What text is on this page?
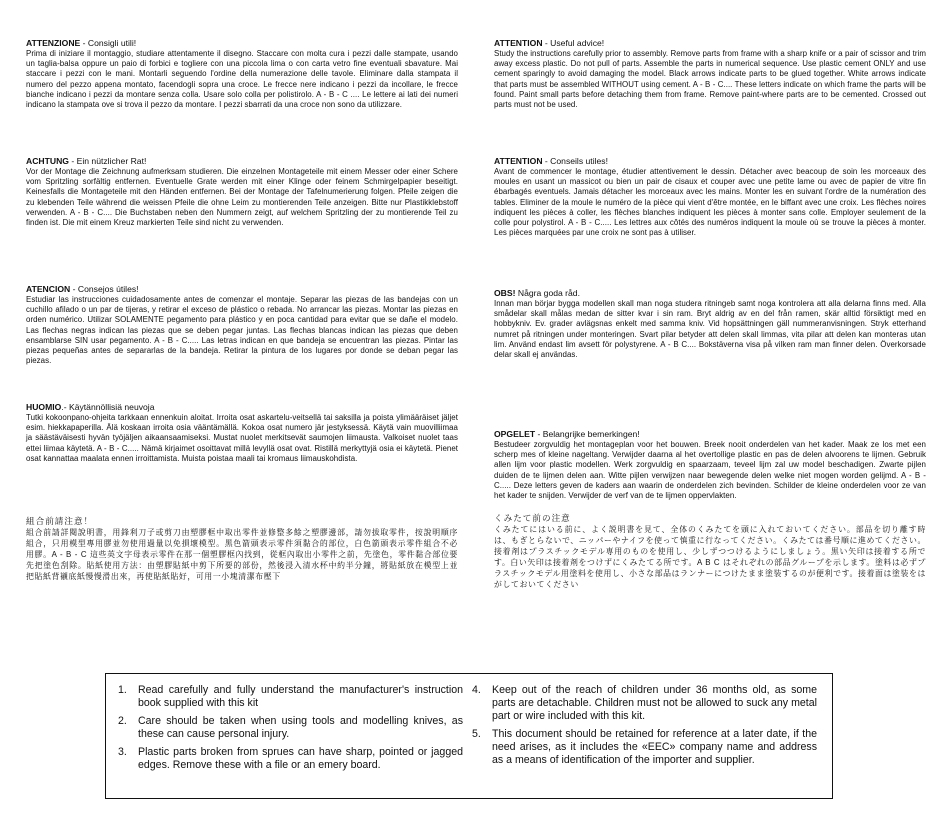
ATTENZIONE - Consigli utili!

Prima di iniziare il montaggio, studiare attentamente il disegno. Staccare con molta cura i pezzi dalle stampate, usando un taglia-balsa oppure un paio di forbici e togliere con una piccola lima o con carta vetro fine eventuali sbavature. Mai staccare i pezzi con le mani. Montarli seguendo l'ordine della numerazione delle tavole. Eliminare dalla stampata il numero del pezzo appena montato, facendogli sopra una croce. Le frecce nere indicano i pezzi da incollare, le frecce bianche indicano i pezzi da montare senza colla. Usare solo colla per polistirolo. A - B - C .... Le lettere ai lati dei numeri indicano la stampata ove si trova il pezzo da montare. I pezzi sbarrati da una croce non sono da utilizzare.

ACHTUNG - Ein nützlicher Rat!

Vor der Montage die Zeichnung aufmerksam studieren. Die einzelnen Montageteile mit einem Messer oder einer Schere vom Spritzling sorfältig entfernen. Eventuelle Grate werden mit einer Klinge oder feinem Schmirgelpapier beseitigt. Keinesfalls die Montageteile mit den Händen entfernen. Bei der Montage der Tafelnumerierung folgen. Pfeile zeigen die zu klebenden Teile während die weissen Pfeile die ohne Leim zu montierenden Teile anzeigen. Bitte nur Plastikklebstoff verwenden. A - B - C.... Die Buchstaben neben den Nummern zeigt, auf welchem Spritzling der zu montierende Teil zu finden ist. Die mit einem Kreuz markierten Teile sind nicht zu verwenden.

ATENCION - Consejos útiles!

Estudiar las instrucciones cuidadosamente antes de comenzar el montaje. Separar las piezas de las bandejas con un cuchillo afilado o un par de tijeras, y retirar el exceso de plástico o rebada. No arrancar las piezas. Montar las piezas en orden numérico. Utilizar SOLAMENTE pegamento para plástico y en poca cantidad para evitar que se dañe el modelo. Las flechas negras indican las piezas que se deben pegar juntas. Las flechas blancas indican las piezas que deben ensamblarse SIN usar pegamento. A - B - C..... Las letras indican en que bandeja se encuentran las piezas. Pintar las piezas pequeñas antes de separarlas de la bandeja. Retirar la pintura de los lugares por donde se deban pegar las piezas.

HUOMIO.- Käytännöllisiä neuvoja

Tutki kokoonpano-ohjeita tarkkaan ennenkuin aloitat. Irroita osat askartelu-veitsellä tai saksilla ja poista ylimääräiset jäljet esim. hiekkapaperilla. Älä koskaan irroita osia vääntämällä. Kokoa osat numero jär jestyksessä. Käytä vain muovilliimaa ja säästäväisesti hyvän työjäljen aikaansaamiseksi. Mustat nuolet merkitsevät saumojen liimausta. Valkoiset nuolet taas ettei liimaa käytetä. A - B - C..... Nämä kirjaimet osoittavat millä levyllä osat ovat. Ristillä merkyttyjä osia ei käytetä. Pienet osat kannattaa maalata ennen irroittamista. Muista poistaa maali tai kromaus liimauskohdista.

組合前請注意！

組合前請詳閱說明書，用鋒利刀子或剪刀由塑膠框中取出零件並修整多餘之塑膠邊部，請勿拔取零件，按說明順序組合，只用模型專用膠並勿使用過量以免損壞模型。黑色箭頭表示零件須黏合的部位，白色箭頭表示零件組合不必用膠。A - B - C 這些英文字母表示零件在那一個塑膠框內找到，從框內取出小零件之前，先塗色，零件黏合部位要先把塗色刮除。貼紙使用方法：由塑膠貼紙中剪下所要的部份，然後浸入清水杯中約半分鐘，將貼紙放在模型上並把貼紙背襯底紙慢慢滑出來，再使貼紙貼好，可用一小塊清潔布壓下

ATTENTION - Useful advice!

Study the instructions carefully prior to assembly. Remove parts from frame with a sharp knife or a pair of scissor and trim away excess plastic. Do not pull of parts. Assemble the parts in numerical sequence. Use plastic cement ONLY and use cement sparingly to avoid damaging the model. Black arrows indicate parts to be glued together. White arrows indicate that parts must be assembled WITHOUT using cement. A - B - C.... These letters indicate on which frame the parts will be found. Paint small parts before detaching them from frame. Remove paint-where parts are to be cemented. Crossed out parts must not be used.

ATTENTION - Conseils utiles!

Avant de commencer le montage, étudier attentivement le dessin. Détacher avec beacoup de soin les morceaux des moules en usant un massicot ou bien un pair de cisaux et couper avec une petite lame ou avec de papier de vitre fin ébarbagés eventuels. Jamais détacher les morceaux avec les mains. Monter les en suivant l'ordre de la numération des tables. Eliminer de la moule le numéro de la pièce qui vient d'être montée, en le biffant avec une croix. Les flèches noires indiquent les pièces à coller, les flèches blanches indiquent les pièces à monter sans colle. Employer seulement de la colle pour polystirol. A - B - C..... Les lettres aux côtés des numéros indiquent la moule où se trouve la pièces à monter. Les pièces marquées par une croix ne sont pas à utiliser.

OBS! Några goda råd.

Innan man börjar bygga modellen skall man noga studera ritningeb samt noga kontrolera att alla delarna finns med. Alla smådelar skall målas medan de sitter kvar i sin ram. Bryt aldrig av en del från ramen, skär alltid försiktigt med en hobbykniv. Ev. grader avlägsnas enkelt med samma kniv. Vid hopsättningen gäll nummeranvisningen. Stryk etterhand numret på ritningen under monteringen. Svart pilar betyder att delen skall limmas, vita pilar att delen kan monteras utan lim. Använd endast lim avsett för polystyrene. A - B C.... Bokstäverna visa på vilken ram man finner delen. Överkorsade delar skall ej användas.

OPGELET - Belangrijke bemerkingen!

Bestudeer zorgvuldig het montageplan voor het bouwen. Breek nooit onderdelen van het kader. Maak ze los met een scherp mes of kleine nageltang. Verwijder daarna al het overtollige plastic en pas de delen alvoorens te lijmen. Gebruik allen lijm voor plastic modellen. Werk zorgvuldig en spaarzaam, teveel lijm zal uw model beschadigen. Zwarte pijlen duiden de te lijmen delen aan. Witte pijlen verwijzen naar bewegende delen welke niet mogen worden gelijmd. A - B - C..... Deze letters geven de kaders aan waarin de onderdelen zich bevinden. Schilder de kleine onderdelen voor ze van het kader te snijden. Verwijder de verf van de te lijmen oppervlakten.

くみたて前の注意

くみたてにはいる前に、よく説明書を見て、全体のくみたてを頭に入れておいてください。部品を切り離す時は、もぎとらないで、ニッパーやナイフを使って慎重に行なってください。くみたては番号順に進めてください。接着剤はプラスチックモデル専用のものを使用し、少しずつつけるようにしましょう。黒い矢印は接着する所です。白い矢印は接着剤をつけずにくみたてる所です。A B C はそれぞれの部品グループを示します。塗料は必ずプラスチックモデル用塗料を使用し、小さな部品はランナーにつけたまま塗装するのが便利です。接着面は塗装をはがしておいてください

1. Read carefully and fully understand the manufacturer's instruction book supplied with this kit
2. Care should be taken when using tools and modelling knives, as these can cause personal injury.
3. Plastic parts broken from sprues can have sharp, pointed or jagged edges. Remove these with a file or an emery board.
4. Keep out of the reach of children under 36 months old, as some parts are detachable. Children must not be allowed to suck any metal part or wire included with this kit.
5. This document should be retained for reference at a later date, if the need arises, as it includes the «EEC» company name and address as a means of identification of the importer and supplier.
